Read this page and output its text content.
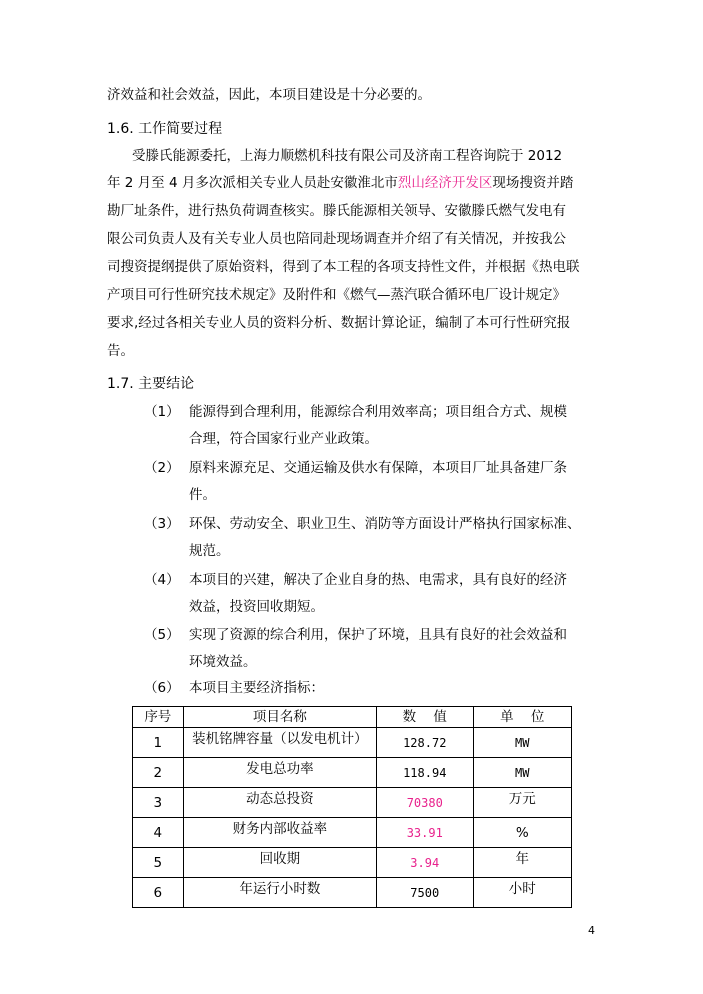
济效益和社会效益，因此，本项目建设是十分必要的。
1.6. 工作简要过程
受滕氏能源委托，上海力顺燃机科技有限公司及济南工程咨询院于 2012
年 2 月至 4 月多次派相关专业人员赴安徽淮北市烈山经济开发区现场搜资并踏
勘厂址条件，进行热负荷调查核实。滕氏能源相关领导、安徽滕氏燃气发电有
限公司负责人及有关专业人员也陪同赴现场调查并介绍了有关情况，并按我公
司搜资提纲提供了原始资料，得到了本工程的各项支持性文件，并根据《热电联
产项目可行性研究技术规定》及附件和《燃气—蒸汽联合循环电厂设计规定》
要求,经过各相关专业人员的资料分析、数据计算论证，编制了本可行性研究报
告。
1.7. 主要结论
（1） 能源得到合理利用，能源综合利用效率高；项目组合方式、规模
合理，符合国家行业产业政策。
（2） 原料来源充足、交通运输及供水有保障，本项目厂址具备建厂条
件。
（3） 环保、劳动安全、职业卫生、消防等方面设计严格执行国家标准、
规范。
（4） 本项目的兴建，解决了企业自身的热、电需求，具有良好的经济
效益，投资回收期短。
（5） 实现了资源的综合利用，保护了环境，且具有良好的社会效益和
环境效益。
（6） 本项目主要经济指标：
序号	项目名称	数    值	单    位
1	装机铭牌容量（以发电机计）	128.72	MW
2	发电总功率	118.94	MW
3	动态总投资	70380	万元
4	财务内部收益率	33.91	%
5	回收期	3.94	年
6	年运行小时数	7500	小时
4
